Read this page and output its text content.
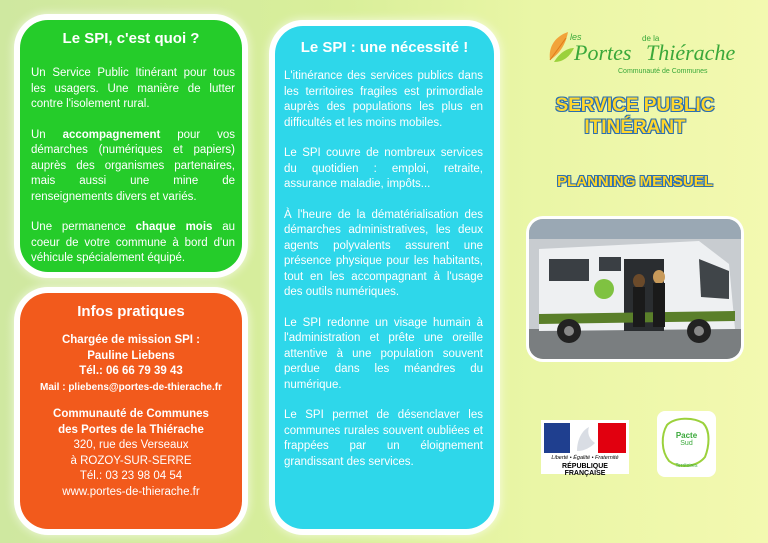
Le SPI, c'est quoi ?

Un Service Public Itinérant pour tous les usagers. Une manière de lutter contre l'isolement rural.

Un accompagnement pour vos démarches (numériques et papiers) auprès des organismes partenaires, mais aussi une mine de renseignements divers et variés.

Une permanence chaque mois au coeur de votre commune à bord d'un véhicule spécialement équipé.

Infos pratiques
Chargée de mission SPI :
Pauline Liebens
Tél.: 06 66 79 39 43
Mail : pliebens@portes-de-thierache.fr
Communauté de Communes
des Portes de la Thiérache
320, rue des Verseaux
à ROZOY-SUR-SERRE
Tél.: 03 23 98 04 54
www.portes-de-thierache.fr
Le SPI : une nécessité !

L'itinérance des services publics dans les territoires fragiles est primordiale auprès des populations les plus en difficultés et les moins mobiles.

Le SPI couvre de nombreux services du quotidien : emploi, retraite, assurance maladie, impôts...

À l'heure de la dématérialisation des démarches administratives, les deux agents polyvalents assurent une présence physique pour les habitants, tout en les accompagnant à l'usage des outils numériques.

Le SPI redonne un visage humain à l'administration et prête une oreille attentive à une population souvent perdue dans les méandres du numérique.

Le SPI permet de désenclaver les communes rurales souvent oubliées et frappées par un éloignement grandissant des services.

les
Portes
de la
Thiérache
Communauté de Communes
SERVICE PUBLIC
ITINÉRANT
PLANNING MENSUEL
Liberté • Égalité • Fraternité
RÉPUBLIQUE FRANÇAISE
Pacte
Sud
Territoires
